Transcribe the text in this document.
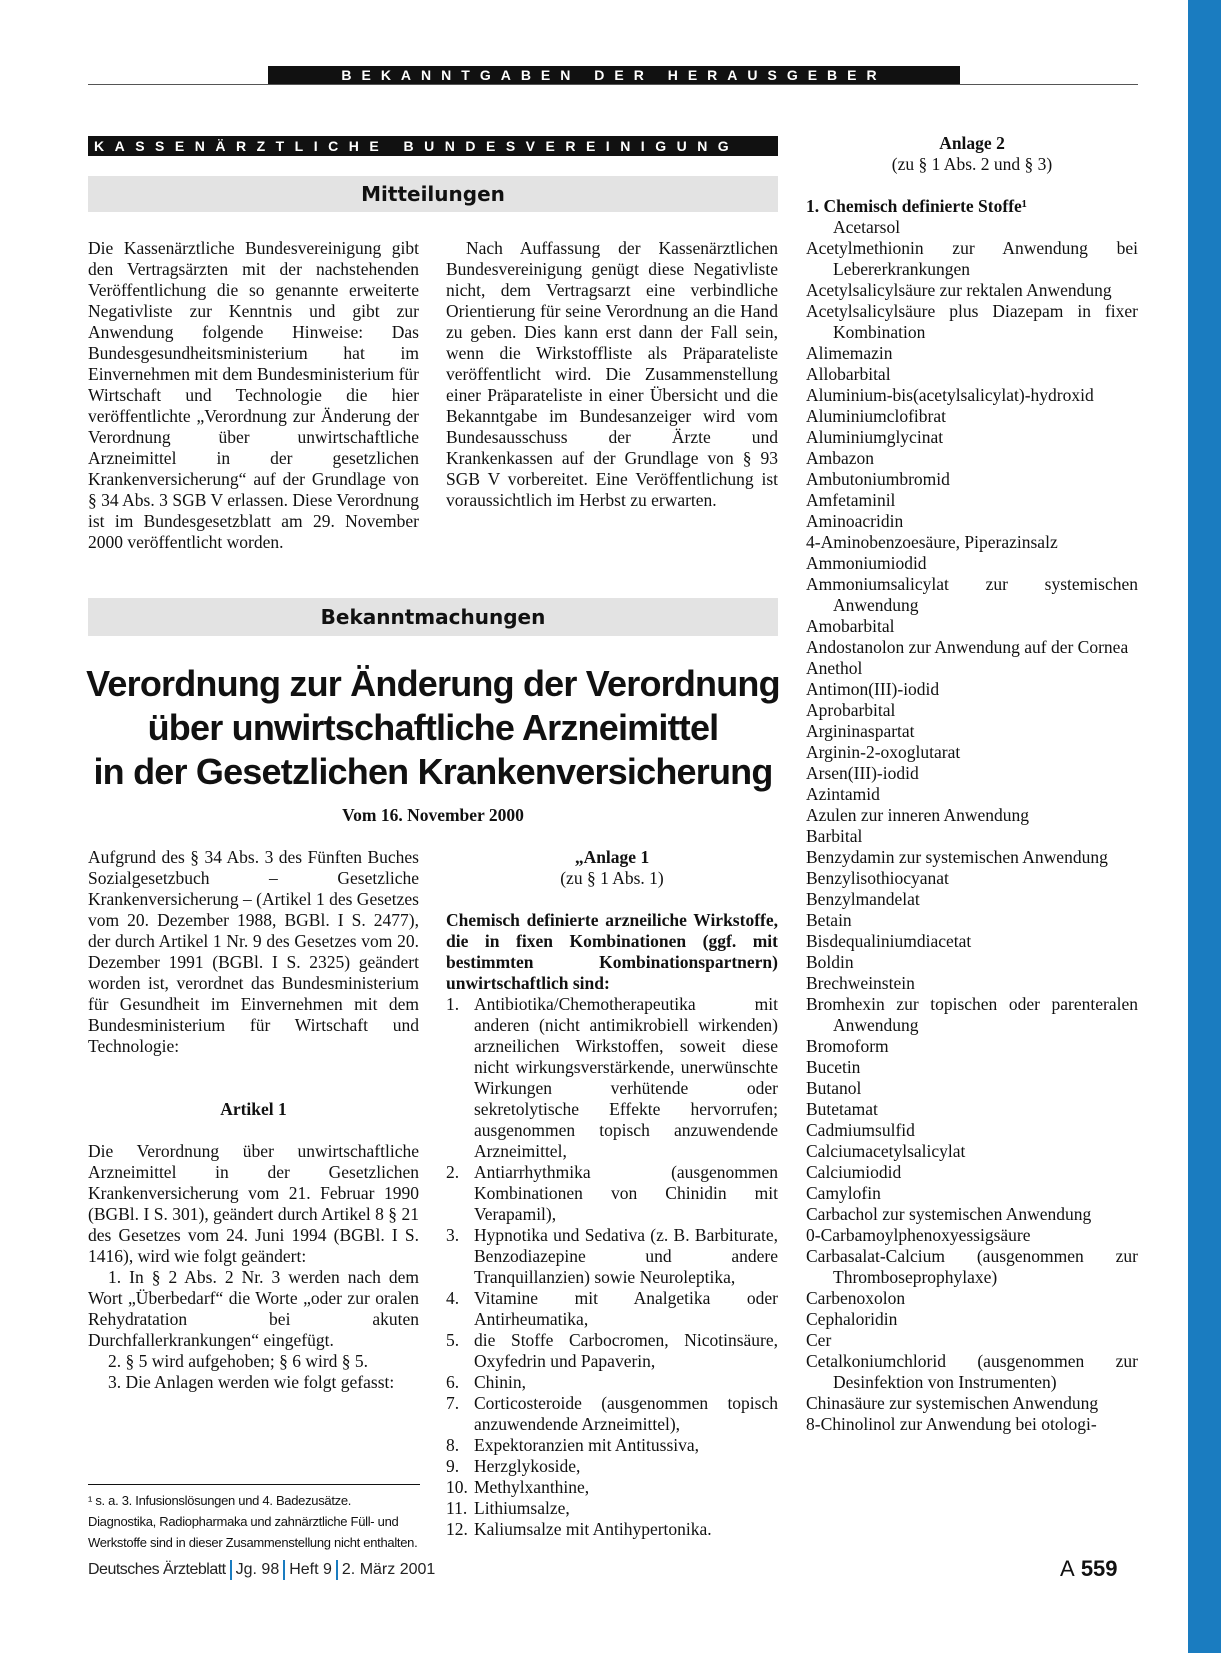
BEKANNTGABEN DER HERAUSGEBER
KASSENÄRZTLICHE BUNDESVEREINIGUNG
Mitteilungen

Die Kassenärztliche Bundesvereinigung gibt den Vertragsärzten mit der nachstehenden Veröffentlichung die so genannte erweiterte Negativliste zur Kenntnis und gibt zur Anwendung folgende Hinweise: Das Bundesgesundheitsministerium hat im Einvernehmen mit dem Bundesministerium für Wirtschaft und Technologie die hier veröffentlichte „Verordnung zur Änderung der Verordnung über unwirtschaftliche Arzneimittel in der gesetzlichen Krankenversicherung“ auf der Grundlage von § 34 Abs. 3 SGB V erlassen. Diese Verordnung ist im Bundesgesetzblatt am 29. November 2000 veröffentlicht worden.

Nach Auffassung der Kassenärztlichen Bundesvereinigung genügt diese Negativliste nicht, dem Vertragsarzt eine verbindliche Orientierung für seine Verordnung an die Hand zu geben. Dies kann erst dann der Fall sein, wenn die Wirkstoffliste als Präparateliste veröffentlicht wird. Die Zusammenstellung einer Präparateliste in einer Übersicht und die Bekanntgabe im Bundesanzeiger wird vom Bundesausschuss der Ärzte und Krankenkassen auf der Grundlage von § 93 SGB V vorbereitet. Eine Veröffentlichung ist voraussichtlich im Herbst zu erwarten.

Bekanntmachungen
Verordnung zur Änderung der Verordnung
über unwirtschaftliche Arzneimittel
in der Gesetzlichen Krankenversicherung
Vom 16. November 2000

Aufgrund des § 34 Abs. 3 des Fünften Buches Sozialgesetzbuch – Gesetzliche Krankenversicherung – (Artikel 1 des Gesetzes vom 20. Dezember 1988, BGBl. I S. 2477), der durch Artikel 1 Nr. 9 des Gesetzes vom 20. Dezember 1991 (BGBl. I S. 2325) geändert worden ist, verordnet das Bundesministerium für Gesundheit im Einvernehmen mit dem Bundesministerium für Wirtschaft und Technologie:

Artikel 1

Die Verordnung über unwirtschaftliche Arzneimittel in der Gesetzlichen Krankenversicherung vom 21. Februar 1990 (BGBl. I S. 301), geändert durch Artikel 8 § 21 des Gesetzes vom 24. Juni 1994 (BGBl. I S. 1416), wird wie folgt geändert:

1. In § 2 Abs. 2 Nr. 3 werden nach dem Wort „Überbedarf“ die Worte „oder zur oralen Rehydratation bei akuten Durchfallerkrankungen“ eingefügt.

2. § 5 wird aufgehoben; § 6 wird § 5.

3. Die Anlagen werden wie folgt gefasst:

¹ s. a. 3. Infusionslösungen und 4. Badezusätze. Diagnostika, Radiopharmaka und zahnärztliche Füll- und Werkstoffe sind in dieser Zusammenstellung nicht enthalten.

„Anlage 1

(zu § 1 Abs. 1)

Chemisch definierte arzneiliche Wirkstoffe, die in fixen Kombinationen (ggf. mit bestimmten Kombinationspartnern) unwirtschaftlich sind:

1. Antibiotika/Chemotherapeutika mit anderen (nicht antimikrobiell wirkenden) arzneilichen Wirkstoffen, soweit diese nicht wirkungsverstärkende, unerwünschte Wirkungen verhütende oder sekretolytische Effekte hervorrufen; ausgenommen topisch anzuwendende Arzneimittel,
2. Antiarrhythmika (ausgenommen Kombinationen von Chinidin mit Verapamil),
3. Hypnotika und Sedativa (z. B. Barbiturate, Benzodiazepine und andere Tranquillanzien) sowie Neuroleptika,
4. Vitamine mit Analgetika oder Antirheumatika,
5. die Stoffe Carbocromen, Nicotinsäure, Oxyfedrin und Papaverin,
6. Chinin,
7. Corticosteroide (ausgenommen topisch anzuwendende Arzneimittel),
8. Expektoranzien mit Antitussiva,
9. Herzglykoside,
10. Methylxanthine,
11. Lithiumsalze,
12. Kaliumsalze mit Antihypertonika.

Anlage 2

(zu § 1 Abs. 2 und § 3)

1. Chemisch definierte Stoffe¹

Acetarsol
Acetylmethionin zur Anwendung bei Lebererkrankungen
Acetylsalicylsäure zur rektalen Anwendung
Acetylsalicylsäure plus Diazepam in fixer Kombination
Alimemazin
Allobarbital
Aluminium-bis(acetylsalicylat)-hydroxid
Aluminiumclofibrat
Aluminiumglycinat
Ambazon
Ambutoniumbromid
Amfetaminil
Aminoacridin
4-Aminobenzoesäure, Piperazinsalz
Ammoniumiodid
Ammoniumsalicylat zur systemischen Anwendung
Amobarbital
Andostanolon zur Anwendung auf der Cornea
Anethol
Antimon(III)-iodid
Aprobarbital
Argininaspartat
Arginin-2-oxoglutarat
Arsen(III)-iodid
Azintamid
Azulen zur inneren Anwendung
Barbital
Benzydamin zur systemischen Anwendung
Benzylisothiocyanat
Benzylmandelat
Betain
Bisdequaliniumdiacetat
Boldin
Brechweinstein
Bromhexin zur topischen oder parenteralen Anwendung
Bromoform
Bucetin
Butanol
Butetamat
Cadmiumsulfid
Calciumacetylsalicylat
Calciumiodid
Camylofin
Carbachol zur systemischen Anwendung
0-Carbamoylphenoxyessigsäure
Carbasalat-Calcium (ausgenommen zur Thromboseprophylaxe)
Carbenoxolon
Cephaloridin
Cer
Cetalkoniumchlorid (ausgenommen zur Desinfektion von Instrumenten)
Chinasäure zur systemischen Anwendung
8-Chinolinol zur Anwendung bei otologi-
Deutsches Ärzteblatt Jg. 98 Heft 9 2. März 2001	A 559
